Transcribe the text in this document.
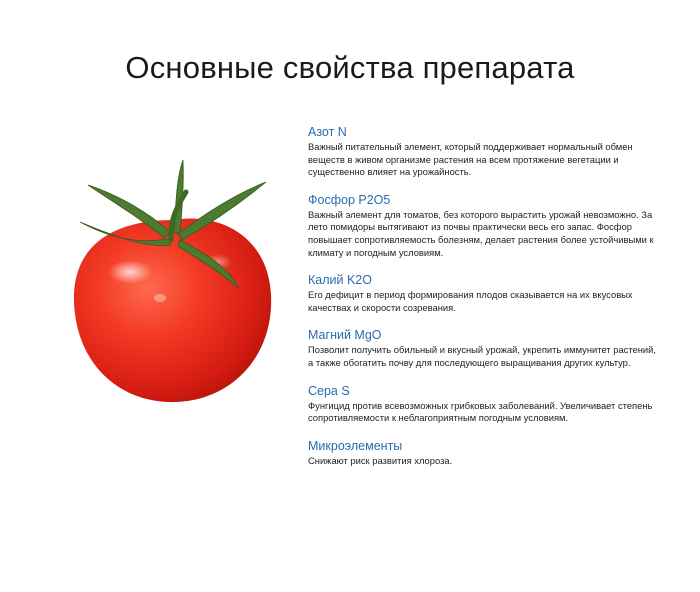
Основные свойства препарата
Азот N
Важный питательный элемент, который поддерживает нормальный обмен веществ в живом организме растения на всем протяжение вегетации и существенно влияет на урожайность.
Фосфор P2O5
Важный элемент для томатов, без которого вырастить урожай невозможно. За лето помидоры вытягивают из почвы практически весь его запас. Фосфор повышает сопротивляемость болезням, делает растения более устойчивыми к климату и погодным условиям.
Калий K2O
Его дефицит в период формирования плодов сказывается на их вкусовых качествах и скорости созревания.
Магний MgO
Позволит получить обильный и вкусный урожай, укрепить иммунитет растений, а также обогатить почву для последующего выращивания других культур.
Сера S
Фунгицид против всевозможных грибковых заболеваний. Увеличивает степень сопротивляемости к неблагоприятным погодным условиям.
Микроэлементы
Снижают риск развития хлороза.
